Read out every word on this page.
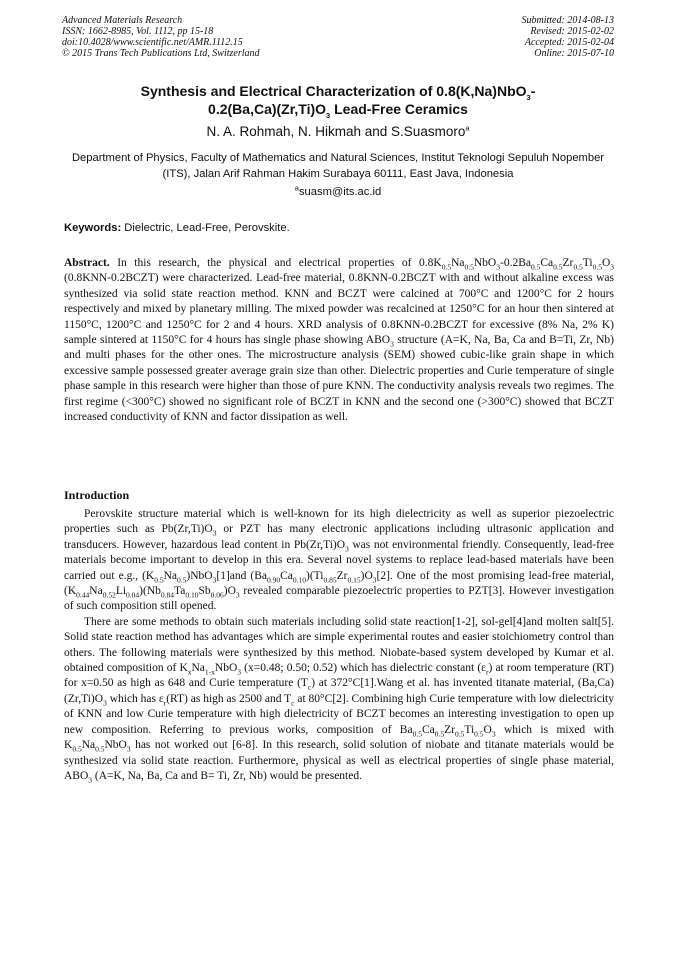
Advanced Materials Research
ISSN: 1662-8985, Vol. 1112, pp 15-18
doi:10.4028/www.scientific.net/AMR.1112.15
© 2015 Trans Tech Publications Ltd, Switzerland
Submitted: 2014-08-13
Revised: 2015-02-02
Accepted: 2015-02-04
Online: 2015-07-10
Synthesis and Electrical Characterization of 0.8(K,Na)NbO$_3$-
$0.2(Ba,Ca)(Zr,Ti)O_3$ Lead-Free Ceramics
N. A. Rohmah, N. Hikmah and S.Suasmoro$^a$
Department of Physics, Faculty of Mathematics and Natural Sciences, Institut Teknologi Sepuluh Nopember (ITS), Jalan Arif Rahman Hakim Surabaya 60111, East Java, Indonesia
$^a$suasm@its.ac.id
Keywords: Dielectric, Lead-Free, Perovskite.
Abstract. In this research, the physical and electrical properties of $0.8K_{0.5}Na_{0.5}NbO_3-0.2Ba_{0.5}Ca_{0.5}Zr_{0.5}Ti_{0.5}O_3$ (0.8KNN-0.2BCZT) were characterized. Lead-free material, 0.8KNN-0.2BCZT with and without alkaline excess was synthesized via solid state reaction method. KNN and BCZT were calcined at 700°C and 1200°C for 2 hours respectively and mixed by planetary milling. The mixed powder was recalcined at 1250°C for an hour then sintered at 1150°C, 1200°C and 1250°C for 2 and 4 hours. XRD analysis of 0.8KNN-0.2BCZT for excessive (8% Na, 2% K) sample sintered at 1150°C for 4 hours has single phase showing $ABO_3$ structure (A=K, Na, Ba, Ca and B=Ti, Zr, Nb) and multi phases for the other ones. The microstructure analysis (SEM) showed cubic-like grain shape in which excessive sample possessed greater average grain size than other. Dielectric properties and Curie temperature of single phase sample in this research were higher than those of pure KNN. The conductivity analysis reveals two regimes. The first regime (<300°C) showed no significant role of BCZT in KNN and the second one (>300°C) showed that BCZT increased conductivity of KNN and factor dissipation as well.
Introduction

Perovskite structure material which is well-known for its high dielectricity as well as superior piezoelectric properties such as $Pb(Zr,Ti)O_3$ or PZT has many electronic applications including ultrasonic application and transducers. However, hazardous lead content in $Pb(Zr,Ti)O_3$ was not environmental friendly. Consequently, lead-free materials become important to develop in this era. Several novel systems to replace lead-based materials have been carried out e.g., $(K_{0.5}Na_{0.5})NbO_3[1]and$ $(Ba_{0.90}Ca_{0.10})(Ti_{0.85}Zr_{0.15})O_3[2]$. One of the most promising lead-free material, $(K_{0.44}Na_{0.52}Li_{0.04})(Nb_{0.84}Ta_{0.10}Sb_{0.06})O_3$ revealed comparable piezoelectric properties to PZT[3]. However investigation of such composition still opened.

There are some methods to obtain such materials including solid state reaction[1-2], sol-gel[4]and molten salt[5]. Solid state reaction method has advantages which are simple experimental routes and easier stoichiometry control than others. The following materials were synthesized by this method. Niobate-based system developed by Kumar et al. obtained composition of $K_xNa_{1-x}NbO_3$ (x=0.48; 0.50; 0.52) which has dielectric constant $(\varepsilon_r)$ at room temperature (RT) for x=0.50 as high as 648 and Curie temperature $(T_c)$ at 372°C[1].Wang et al. has invented titanate material, $(Ba,Ca)(Zr,Ti)O_3$ which has $\varepsilon_r(RT)$ as high as 2500 and $T_c$ at 80°C[2]. Combining high Curie temperature with low dielectricity of KNN and low Curie temperature with high dielectricity of BCZT becomes an interesting investigation to open up new composition. Referring to previous works, composition of $Ba_{0.5}Ca_{0.5}Zr_{0.5}Ti_{0.5}O_3$ which is mixed with $K_{0.5}Na_{0.5}NbO_3$ has not worked out [6-8]. In this research, solid solution of niobate and titanate materials would be synthesized via solid state reaction. Furthermore, physical as well as electrical properties of single phase material, $ABO_3$ (A=K, Na, Ba, Ca and B= Ti, Zr, Nb) would be presented.
